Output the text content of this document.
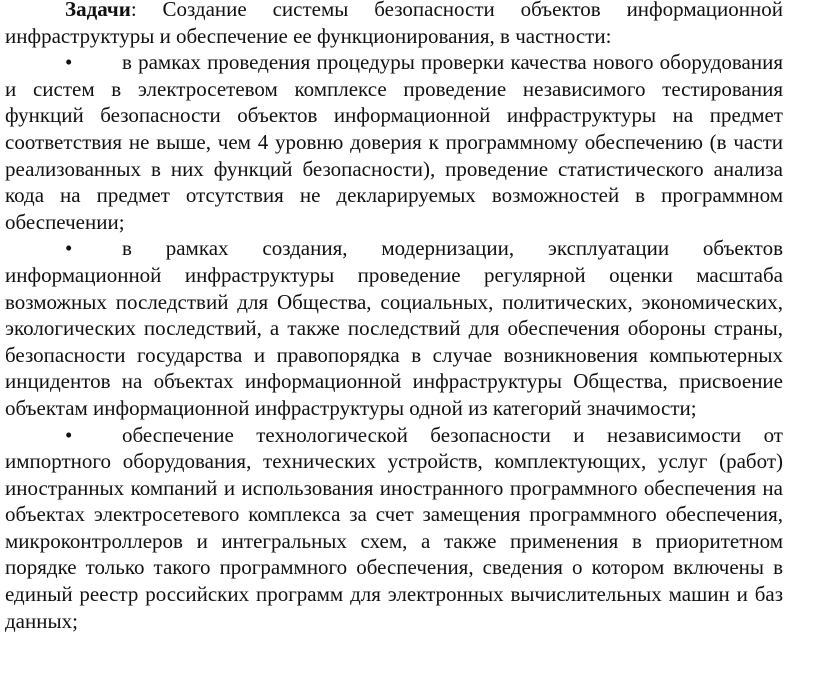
Задачи: Создание системы безопасности объектов информационной инфраструктуры и обеспечение ее функционирования, в частности:

• в рамках проведения процедуры проверки качества нового оборудования и систем в электросетевом комплексе проведение независимого тестирования функций безопасности объектов информационной инфраструктуры на предмет соответствия не выше, чем 4 уровню доверия к программному обеспечению (в части реализованных в них функций безопасности), проведение статистического анализа кода на предмет отсутствия не декларируемых возможностей в программном обеспечении;

• в рамках создания, модернизации, эксплуатации объектов информационной инфраструктуры проведение регулярной оценки масштаба возможных последствий для Общества, социальных, политических, экономических, экологических последствий, а также последствий для обеспечения обороны страны, безопасности государства и правопорядка в случае возникновения компьютерных инцидентов на объектах информационной инфраструктуры Общества, присвоение объектам информационной инфраструктуры одной из категорий значимости;

• обеспечение технологической безопасности и независимости от импортного оборудования, технических устройств, комплектующих, услуг (работ) иностранных компаний и использования иностранного программного обеспечения на объектах электросетевого комплекса за счет замещения программного обеспечения, микроконтроллеров и интегральных схем, а также применения в приоритетном порядке только такого программного обеспечения, сведения о котором включены в единый реестр российских программ для электронных вычислительных машин и баз данных;
